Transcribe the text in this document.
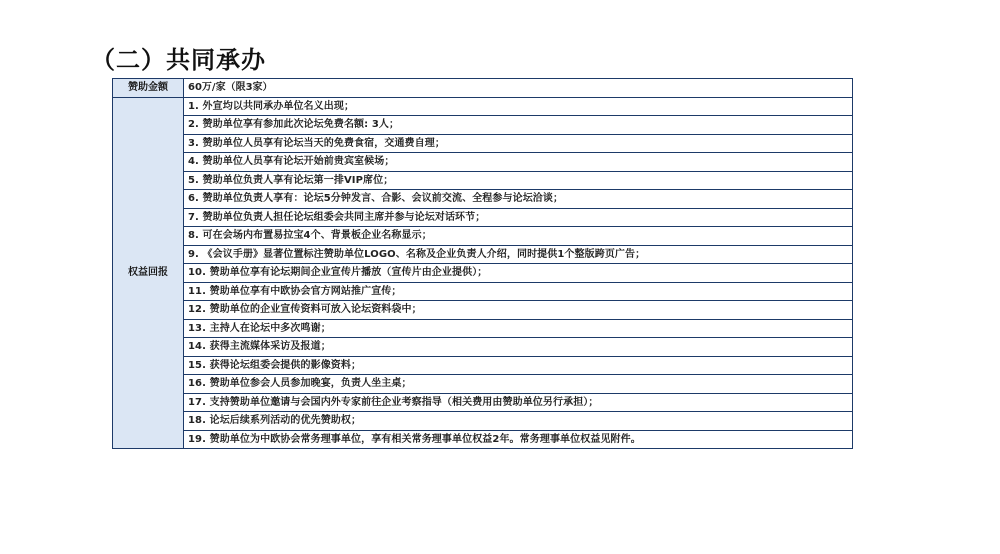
（二）共同承办
赞助金额	60万/家（限3家）
权益回报	1. 外宣均以共同承办单位名义出现；
	2. 赞助单位享有参加此次论坛免费名额: 3人；
	3. 赞助单位人员享有论坛当天的免费食宿，交通费自理；
	4. 赞助单位人员享有论坛开始前贵宾室候场；
	5. 赞助单位负责人享有论坛第一排VIP席位；
	6. 赞助单位负责人享有：论坛5分钟发言、合影、会议前交流、全程参与论坛洽谈；
	7. 赞助单位负责人担任论坛组委会共同主席并参与论坛对话环节；
	8. 可在会场内布置易拉宝4个、背景板企业名称显示；
	9. 《会议手册》显著位置标注赞助单位LOGO、名称及企业负责人介绍，同时提供1个整版跨页广告；
	10. 赞助单位享有论坛期间企业宣传片播放（宣传片由企业提供）；
	11. 赞助单位享有中欧协会官方网站推广宣传；
	12. 赞助单位的企业宣传资料可放入论坛资料袋中；
	13. 主持人在论坛中多次鸣谢；
	14. 获得主流媒体采访及报道；
	15. 获得论坛组委会提供的影像资料；
	16. 赞助单位参会人员参加晚宴，负责人坐主桌；
	17. 支持赞助单位邀请与会国内外专家前往企业考察指导（相关费用由赞助单位另行承担）；
	18. 论坛后续系列活动的优先赞助权；
	19. 赞助单位为中欧协会常务理事单位，享有相关常务理事单位权益2年。常务理事单位权益见附件。
